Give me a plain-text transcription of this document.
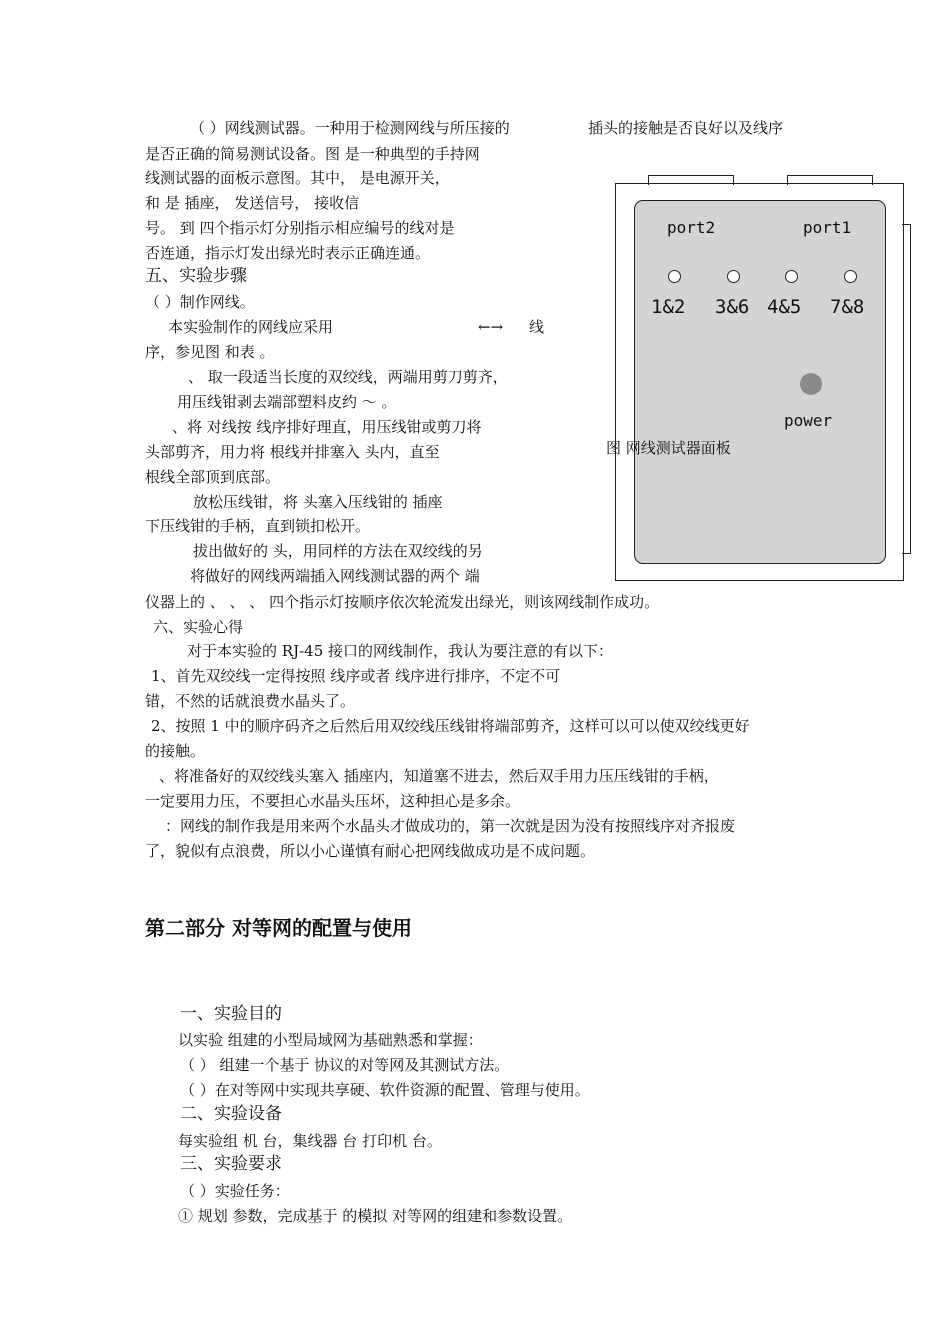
port2	port1
1&2 3&6 4&5 7&8
power
图 网线测试器面板
（ ）网线测试器。一种用于检测网线与所压接的	插头的接触是否良好以及线序
是否正确的简易测试设备。图 是一种典型的手持网
线测试器的面板示意图。其中， 是电源开关，
和 是 插座， 发送信号， 接收信
号。 到 四个指示灯分别指示相应编号的线对是
否连通，指示灯发出绿光时表示正确连通。
五、实验步骤
（ ）制作网线。
本实验制作的网线应采用	←→ 线
序，参见图 和表 。
、 取一段适当长度的双绞线，两端用剪刀剪齐，
用压线钳剥去端部塑料皮约 ～ 。
、将 对线按 线序排好理直，用压线钳或剪刀将
头部剪齐，用力将 根线并排塞入 头内，直至
根线全部顶到底部。
放松压线钳，将 头塞入压线钳的 插座
下压线钳的手柄，直到锁扣松开。
拔出做好的 头，用同样的方法在双绞线的另
将做好的网线两端插入网线测试器的两个 端
仪器上的 、 、 、 四个指示灯按顺序依次轮流发出绿光，则该网线制作成功。
六、实验心得
对于本实验的 RJ-45 接口的网线制作，我认为要注意的有以下：
1、首先双绞线一定得按照 线序或者 线序进行排序，不定不可
错，不然的话就浪费水晶头了。
2、按照 1 中的顺序码齐之后然后用双绞线压线钳将端部剪齐，这样可以可以使双绞线更好
的接触。
、将准备好的双绞线头塞入 插座内，知道塞不进去，然后双手用力压压线钳的手柄，
一定要用力压，不要担心水晶头压坏，这种担心是多余。
：网线的制作我是用来两个水晶头才做成功的，第一次就是因为没有按照线序对齐报废
了，貌似有点浪费，所以小心谨慎有耐心把网线做成功是不成问题。
第二部分 对等网的配置与使用
一、实验目的
以实验 组建的小型局域网为基础熟悉和掌握：
（ ） 组建一个基于 协议的对等网及其测试方法。
（ ）在对等网中实现共享硬、软件资源的配置、管理与使用。
二、实验设备
每实验组 机 台，集线器 台 打印机 台。
三、实验要求
（ ）实验任务：
① 规划 参数，完成基于 的模拟 对等网的组建和参数设置。
